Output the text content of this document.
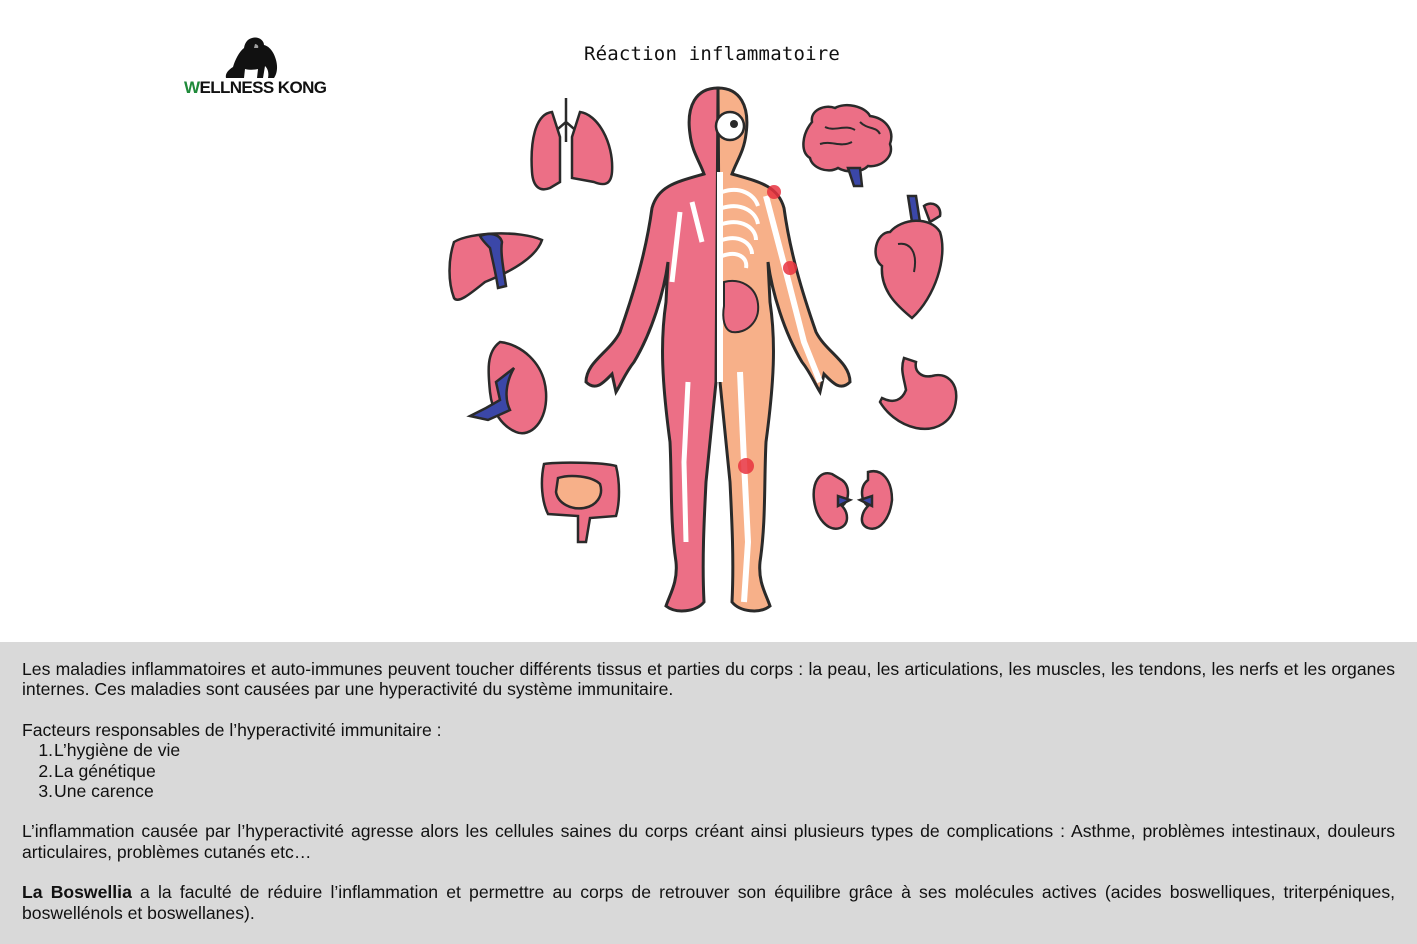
WELLNESS KONG
Réaction inflammatoire

Les maladies inflammatoires et auto-immunes peuvent toucher différents tissus et parties du corps : la peau, les articulations, les muscles, les tendons, les nerfs et les organes internes. Ces maladies sont causées par une hyperactivité du système immunitaire.

Facteurs responsables de l’hyperactivité immunitaire :

1.L’hygiène de vie
2.La génétique
3.Une carence

L’inflammation causée par l’hyperactivité agresse alors les cellules saines du corps créant ainsi plusieurs types de complications : Asthme, problèmes intestinaux, douleurs articulaires, problèmes cutanés etc…

La Boswellia a la faculté de réduire l’inflammation et permettre au corps de retrouver son équilibre grâce à ses molécules actives (acides boswelliques, triterpéniques, boswellénols et boswellanes).
